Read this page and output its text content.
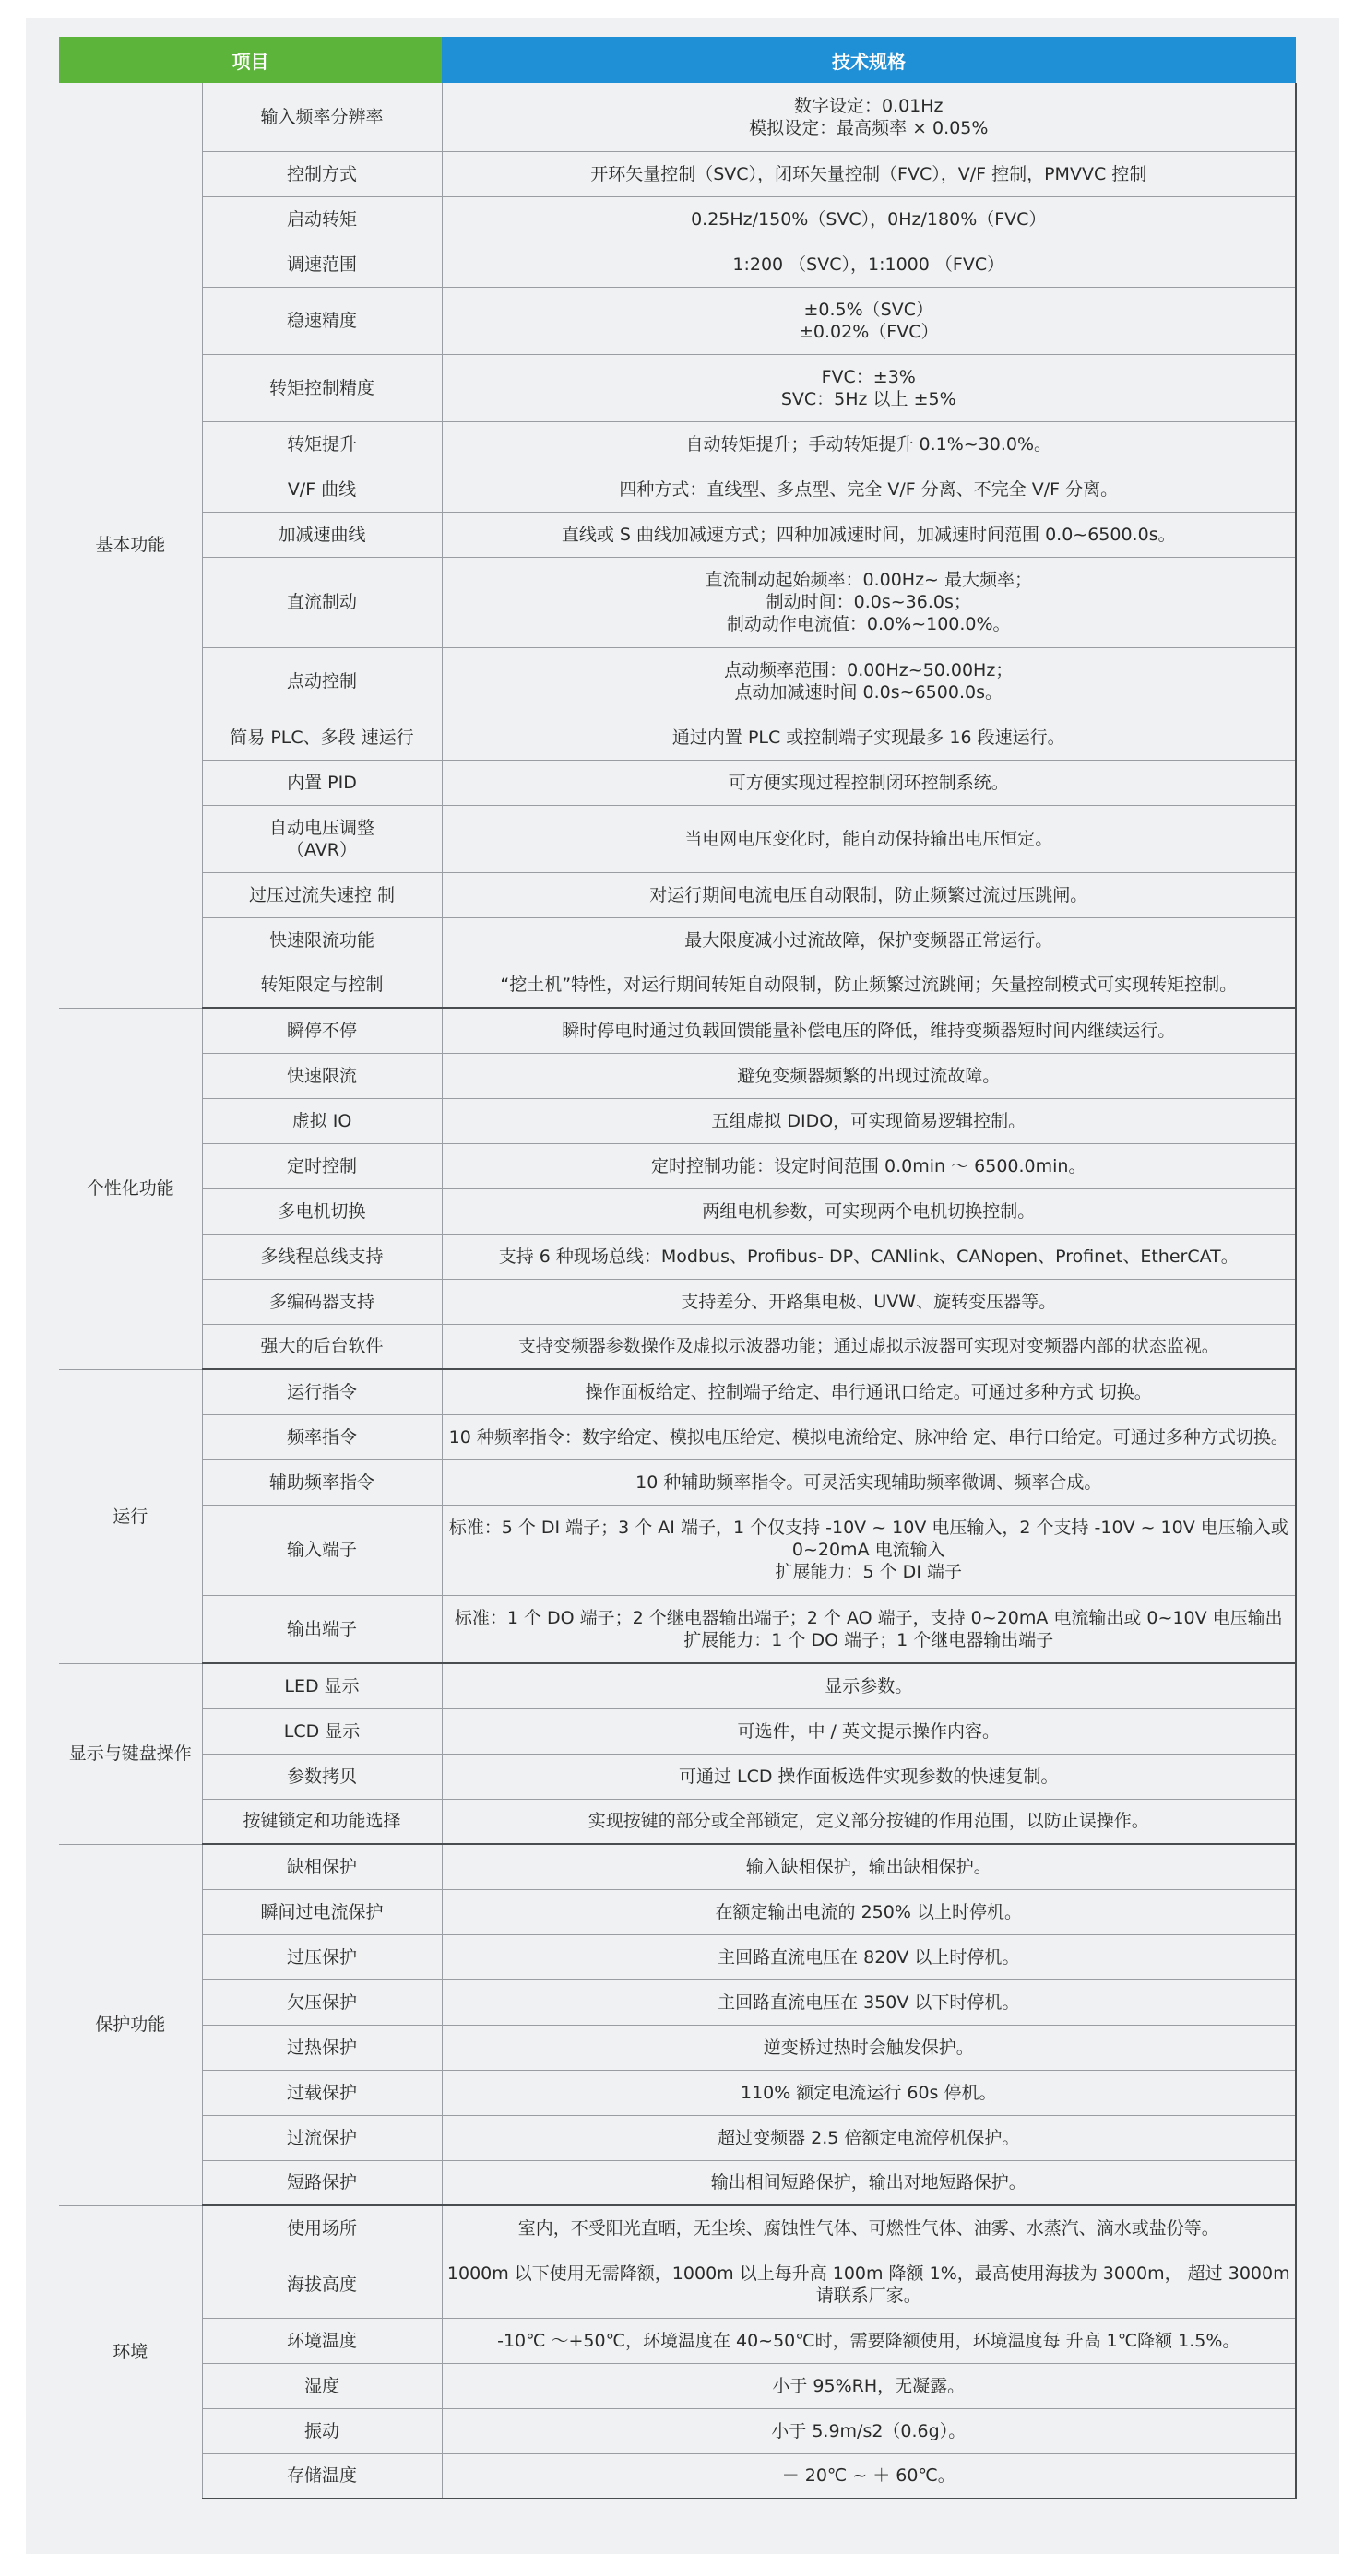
项目		技术规格
基本功能	输入频率分辨率	数字设定：0.01Hz
模拟设定：最高频率 × 0.05%
	控制方式	开环矢量控制（SVC），闭环矢量控制（FVC），V/F 控制，PMVVC 控制
	启动转矩	0.25Hz/150%（SVC），0Hz/180%（FVC）
	调速范围	1:200 （SVC），1:1000 （FVC）
	稳速精度	±0.5%（SVC）
±0.02%（FVC）
	转矩控制精度	FVC：±3%
SVC：5Hz 以上 ±5%
	转矩提升	自动转矩提升；手动转矩提升 0.1%~30.0%。
	V/F 曲线	四种方式：直线型、多点型、完全 V/F 分离、不完全 V/F 分离。
	加减速曲线	直线或 S 曲线加减速方式；四种加减速时间，加减速时间范围 0.0~6500.0s。
	直流制动	直流制动起始频率：0.00Hz~ 最大频率；
制动时间：0.0s~36.0s；
制动动作电流值：0.0%~100.0%。
	点动控制	点动频率范围：0.00Hz~50.00Hz；
点动加减速时间 0.0s~6500.0s。
	简易 PLC、多段 速运行	通过内置 PLC 或控制端子实现最多 16 段速运行。
	内置 PID	可方便实现过程控制闭环控制系统。
	自动电压调整
（AVR）	当电网电压变化时，能自动保持输出电压恒定。
	过压过流失速控 制	对运行期间电流电压自动限制，防止频繁过流过压跳闸。
	快速限流功能	最大限度减小过流故障，保护变频器正常运行。
	转矩限定与控制	“挖土机”特性，对运行期间转矩自动限制，防止频繁过流跳闸；矢量控制模式可实现转矩控制。
个性化功能	瞬停不停	瞬时停电时通过负载回馈能量补偿电压的降低，维持变频器短时间内继续运行。
	快速限流	避免变频器频繁的出现过流故障。
	虚拟 IO	五组虚拟 DIDO，可实现简易逻辑控制。
	定时控制	定时控制功能：设定时间范围 0.0min ～ 6500.0min。
	多电机切换	两组电机参数，可实现两个电机切换控制。
	多线程总线支持	支持 6 种现场总线：Modbus、Profibus- DP、CANlink、CANopen、Profinet、EtherCAT。
	多编码器支持	支持差分、开路集电极、UVW、旋转变压器等。
	强大的后台软件	支持变频器参数操作及虚拟示波器功能；通过虚拟示波器可实现对变频器内部的状态监视。
运行	运行指令	操作面板给定、控制端子给定、串行通讯口给定。可通过多种方式 切换。
	频率指令	10 种频率指令：数字给定、模拟电压给定、模拟电流给定、脉冲给 定、串行口给定。可通过多种方式切换。
	辅助频率指令	10 种辅助频率指令。可灵活实现辅助频率微调、频率合成。
	输入端子	标准：5 个 DI 端子；3 个 AI 端子，1 个仅支持 -10V ~ 10V 电压输入，2 个支持 -10V ~ 10V 电压输入或 0~20mA 电流输入
扩展能力：5 个 DI 端子
	输出端子	标准：1 个 DO 端子；2 个继电器输出端子；2 个 AO 端子，支持 0~20mA 电流输出或 0~10V 电压输出
扩展能力：1 个 DO 端子；1 个继电器输出端子
显示与键盘操作	LED 显示	显示参数。
	LCD 显示	可选件，中 / 英文提示操作内容。
	参数拷贝	可通过 LCD 操作面板选件实现参数的快速复制。
	按键锁定和功能选择	实现按键的部分或全部锁定，定义部分按键的作用范围，以防止误操作。
保护功能	缺相保护	输入缺相保护，输出缺相保护。
	瞬间过电流保护	在额定输出电流的 250% 以上时停机。
	过压保护	主回路直流电压在 820V 以上时停机。
	欠压保护	主回路直流电压在 350V 以下时停机。
	过热保护	逆变桥过热时会触发保护。
	过载保护	110% 额定电流运行 60s 停机。
	过流保护	超过变频器 2.5 倍额定电流停机保护。
	短路保护	输出相间短路保护，输出对地短路保护。
环境	使用场所	室内，不受阳光直晒，无尘埃、腐蚀性气体、可燃性气体、油雾、水蒸汽、滴水或盐份等。
	海拔高度	1000m 以下使用无需降额，1000m 以上每升高 100m 降额 1%，最高使用海拔为 3000m， 超过 3000m 请联系厂家。
	环境温度	-10℃ ～+50℃，环境温度在 40~50℃时，需要降额使用，环境温度每 升高 1℃降额 1.5%。
	湿度	小于 95%RH，无凝露。
	振动	小于 5.9m/s2（0.6g）。
	存储温度	－ 20℃ ~ ＋ 60℃。
